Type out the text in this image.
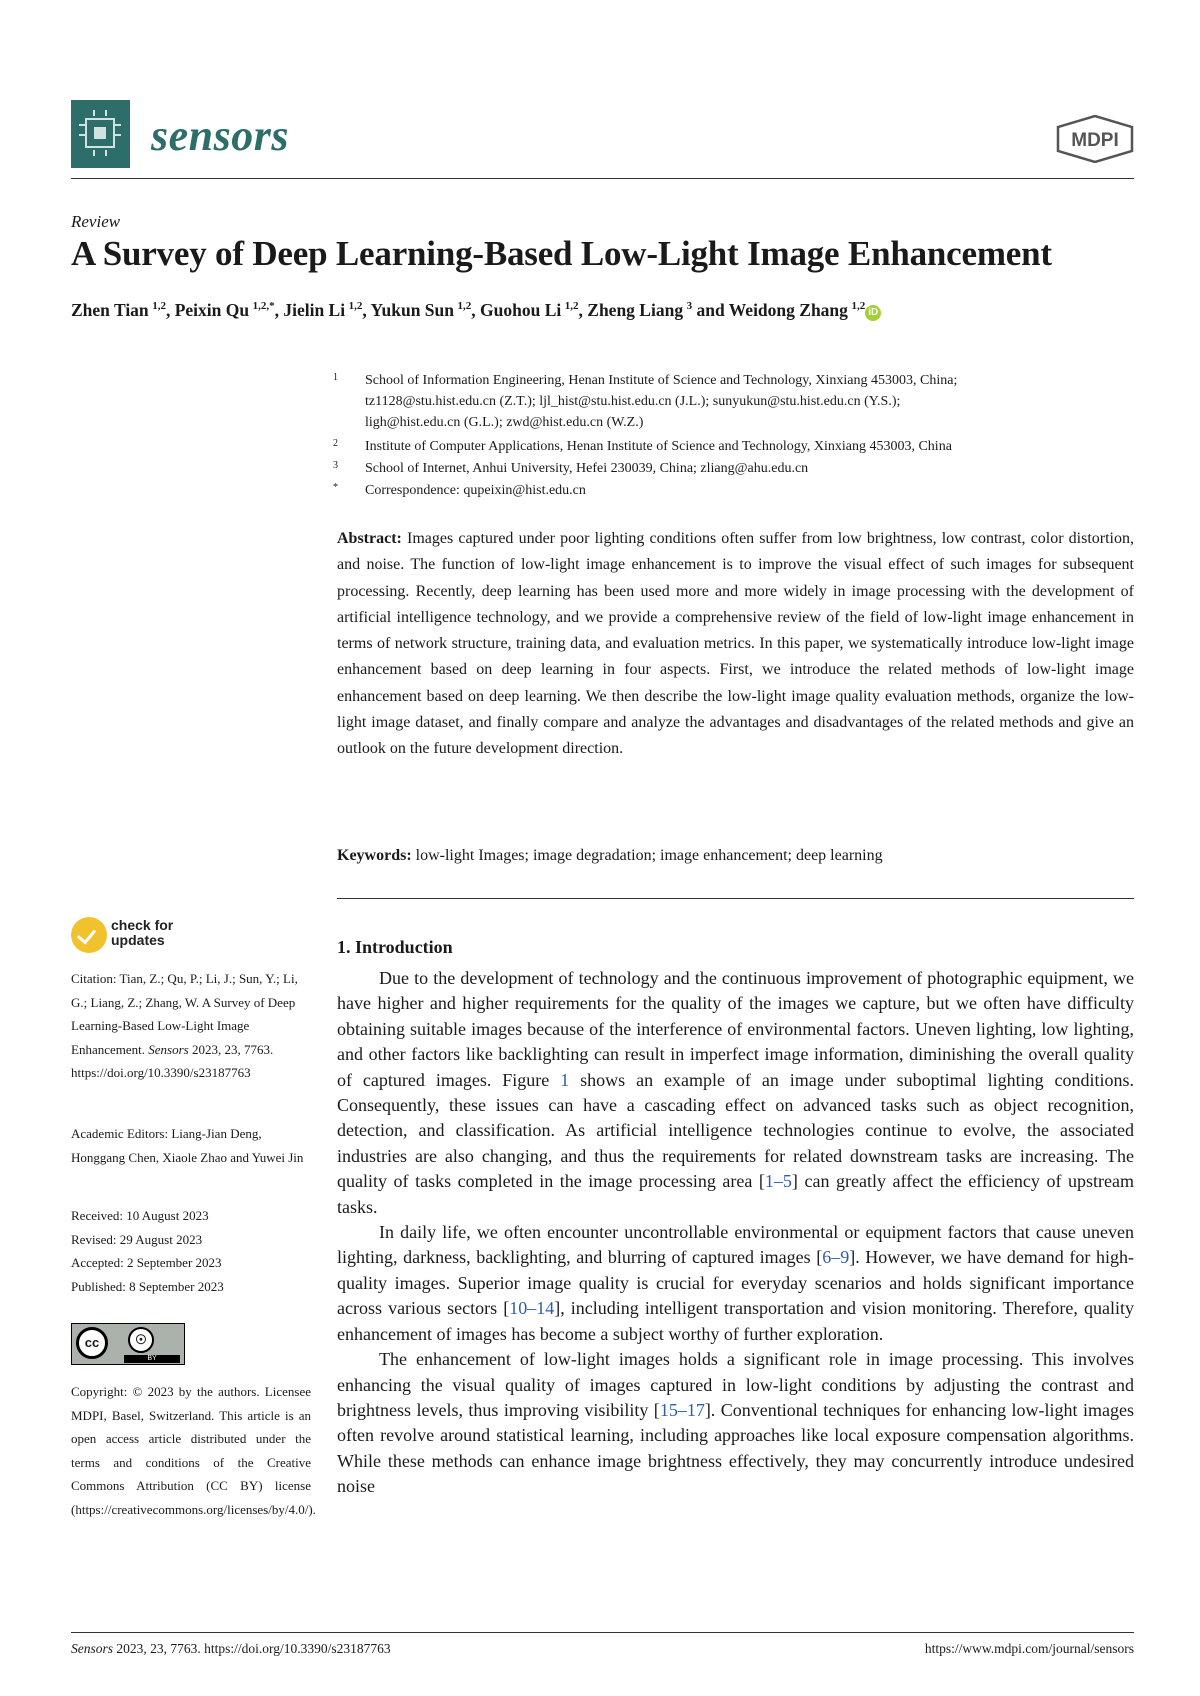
sensors	MDPI
Review
A Survey of Deep Learning-Based Low-Light Image Enhancement
Zhen Tian  $^{1,2}$, Peixin Qu  $^{1,2,*}$, Jielin Li  $^{1,2}$, Yukun Sun  $^{1,2}$, Guohou Li  $^{1,2}$, Zheng Liang  $^3$ and Weidong Zhang  $^{1,2}$iD
1 School of Information Engineering, Henan Institute of Science and Technology, Xinxiang 453003, China;
tz1128@stu.hist.edu.cn (Z.T.); ljl_hist@stu.hist.edu.cn (J.L.); sunyukun@stu.hist.edu.cn (Y.S.);
ligh@hist.edu.cn (G.L.); zwd@hist.edu.cn (W.Z.)
2 Institute of Computer Applications, Henan Institute of Science and Technology, Xinxiang 453003, China
3 School of Internet, Anhui University, Hefei 230039, China; zliang@ahu.edu.cn
* Correspondence: qupeixin@hist.edu.cn
Abstract: Images captured under poor lighting conditions often suffer from low brightness, low contrast, color distortion, and noise. The function of low-light image enhancement is to improve the visual effect of such images for subsequent processing. Recently, deep learning has been used more and more widely in image processing with the development of artificial intelligence technology, and we provide a comprehensive review of the field of low-light image enhancement in terms of network structure, training data, and evaluation metrics. In this paper, we systematically introduce low-light image enhancement based on deep learning in four aspects. First, we introduce the related methods of low-light image enhancement based on deep learning. We then describe the low-light image quality evaluation methods, organize the low-light image dataset, and finally compare and analyze the advantages and disadvantages of the related methods and give an outlook on the future development direction.
Keywords: low-light Images; image degradation; image enhancement; deep learning
check for
updates
Citation: Tian, Z.; Qu, P.; Li, J.; Sun, Y.; Li, G.; Liang, Z.; Zhang, W. A Survey of Deep Learning-Based Low-Light Image Enhancement. Sensors 2023, 23, 7763. https://doi.org/10.3390/s23187763
Academic Editors: Liang-Jian Deng, Honggang Chen, Xiaole Zhao and Yuwei Jin
Received: 10 August 2023
Revised: 29 August 2023
Accepted: 2 September 2023
Published: 8 September 2023
cc	☉
BY
Copyright: © 2023 by the authors. Licensee MDPI, Basel, Switzerland. This article is an open access article distributed under the terms and conditions of the Creative Commons Attribution (CC BY) license (https://creativecommons.org/licenses/by/4.0/).
1. Introduction

Due to the development of technology and the continuous improvement of photographic equipment, we have higher and higher requirements for the quality of the images we capture, but we often have difficulty obtaining suitable images because of the interference of environmental factors. Uneven lighting, low lighting, and other factors like backlighting can result in imperfect image information, diminishing the overall quality of captured images. Figure 1 shows an example of an image under suboptimal lighting conditions. Consequently, these issues can have a cascading effect on advanced tasks such as object recognition, detection, and classification. As artificial intelligence technologies continue to evolve, the associated industries are also changing, and thus the requirements for related downstream tasks are increasing. The quality of tasks completed in the image processing area [1–5] can greatly affect the efficiency of upstream tasks.

In daily life, we often encounter uncontrollable environmental or equipment factors that cause uneven lighting, darkness, backlighting, and blurring of captured images [6–9]. However, we have demand for high-quality images. Superior image quality is crucial for everyday scenarios and holds significant importance across various sectors [10–14], including intelligent transportation and vision monitoring. Therefore, quality enhancement of images has become a subject worthy of further exploration.

The enhancement of low-light images holds a significant role in image processing. This involves enhancing the visual quality of images captured in low-light conditions by adjusting the contrast and brightness levels, thus improving visibility [15–17]. Conventional techniques for enhancing low-light images often revolve around statistical learning, including approaches like local exposure compensation algorithms. While these methods can enhance image brightness effectively, they may concurrently introduce undesired noise

Sensors 2023, 23, 7763. https://doi.org/10.3390/s23187763	https://www.mdpi.com/journal/sensors
